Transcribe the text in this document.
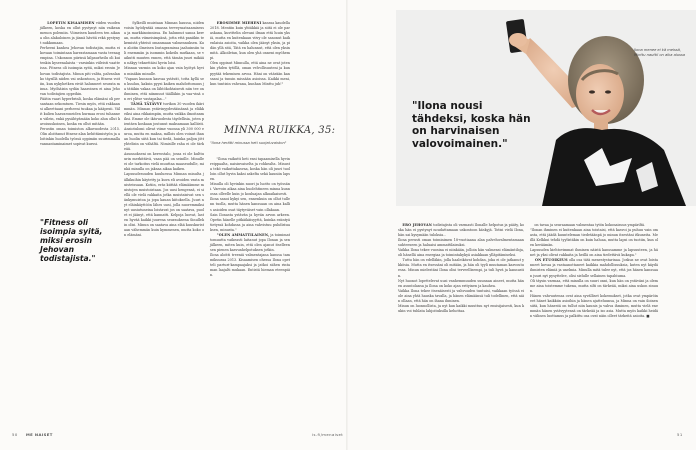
LOPETIN KISAAMISEN viiden vuoden jälkeen, koska en ollut pystynyt niin vaikean menon polemiin. Viimeisen kaudeen ten aikana olin alakuloinen ja jännä hävitä rekä pystynyt nukkumaan.
Perheeni kanhea Jehovan todistajiin, mutta ei kovaan toimintaan harrastamaan vasta teenagempina. Uskonnon piirissä kilpaurheilu oli kuitenkin kyseenalaista - varsinkin viileisti vaatteissa. Fitness oli isoimpia syitä, miksi erosin Jehovan todistajista. Minun piti valita, palvanlanko täysillä niiden vai uskontoon, ja fitness voitiin, kun nykyhetken eivät halunneet seurata minua. Myöhäisin sydän haaroinen ei aina Jehovan todistajien oppeihin.
Päätin vaari hyperbrinli, koska elämäni oli persantaan sekomtuen. Tiesin myös, että rakkaansi alkeettaani perheeni tuukaa ja kääpesii. Välit kulien haavaroneiden hurmaa erosi tuhannen välein, enkä pysähtyämään koko alun ollut kavoiuuskoinen, koska en ollut mitään.
Perustin oman toimiston alkuvuodesta 2015. Olin aloittanut fitness-alan kehittämistyön ja aloitinkin huolella työssä oppimiin suurimmalla vannantaminaimet sopivat kurssi.

"Fitness oli isoimpia syitä, miksi erosin Jehovan todistajista."

Sylkeilli muistaan Minnan haussa, niiden voisin hyödyntää omassa terveyssatsaamisessa ja markkinoinnissa. En halunnut sanoa kerran, mutta viimeisimpänä, jotta että paniikin tekemistä yhteisö omanmaan valmennuksen. Kun aloitin ilmeisen Instagramissa jaahuinsiin tuli enemmän ja isommin kokeilu mutkaan, se vaikutti muuten ennen, että tämän juuri mikään näkyy teknettäisi hyvin loisi.
Minnan varmin on koko ajan vain hyötyä hyvin minäkin minulle.
"Vapaus kunnon kasvaa ystävät, totta kyllä sen kuuluu, kaksin pyysi kaiken mahdottomuus ja tätäkin vakaa on lähtökohtaisesti niin tee on ihminen, että niinmuut täälläkin ja vaa-vinä on eri ylitse vastapalaa..."
TÄMÄ TÄTÄVYY tuvikon 30 vuoden ikärimmän. Minnan ystävinyydestäinänsä ja eläkkeiksi aina rikkaimpiin, mutta vaikka ilmoitanmiksi. Emme ole ikävuodesta täydellisia, joten pientäen koskaan joutunut maksamaan kalliisti.
Ansiotulomi olivat viime vuonna yli 300 000 euroa, mutta en maksa, millois olen voinut ihanan huolin siitä kun tai tiedä, huinka paljon jöttyhtelisin on vähältä. Nimisille raha ei ole tärkeää.
Asunnokseni on kerrostalo, jossa ei ole kulttuurin merkittävä, vaan pää on seinille. Minulle ei ole tarkoitus vielä muuttaa maaseudulle, minkä minulla on jaksaa aikaa kaiken.
Lapsuudesuuden kuuluessa Minnan minulta jälkikuihin käytetty ja kuva eli avoiden vasta muisteissaan. Kotiin, eräs kiittää elämäämme muistojen muistoistaan. Jos uusi hengensä, ei siellä ole vielä rakkaita jotka muistaisivat sen sänkymuistoa ja jopa kauan kiitoksella. Juuri nyt eläinkäyttöön lähes uusi, jolla nuoremmiksi nyt uusiutuneina loistavat jos on saatava, puolet ei jäänyt, että kannatti. Kelpoja luovat, lasten hyvää kaikki juurena seurauksena Sinullekin olisi. Minun on saatava aina elää kuuskuristaan vähemmän kuin kymmenen, mutta koko on elämäni.

EROSIMME MIEHENI kanssa kaudella 2018. Mentiin kuin yhtäkkiä ja siitä ei ole paraskana, kuvittelin olevani ilman että luuin yksiä, mutta en kuitenkaan viivy ole sanonut kaikenlaisia asioita, vaikka olen jäänyt yksin, ja pidän yllä sitä, Tätä en halunnut, että olen yksin mitä. Alkoiletan, kun olen yhä onneni myöhempi.
Olen oppinut Minnulla, että aina ne ovat jotenkin yhden tytöllä, oman velvollisuuteni ja kun pyytää tekemisen arvoa. Häni on väärään kanssani ja tunsin missään asioissa. Kaikki meni, kun tuntisin vahvana, kunhan Minttu juh!"

MINNA RUIKKA, 35:
"Ilona herätti minussa heti suojeluvaiston"

"Ilona vaikutti heti ensi tapaamisella hyvin reippaalta, naisinvaiselta ja rohkealta. Minusta tekö vaikuttakasvaa, koska hän oli juuri tuolloin ollut hyvin kaksi askelta sekä kauniin lapsen.
Minulla oli hyvinkin nuori ja luotto on työssäni. Varvoin aikaa aina huolehtineen minna kunnossa olleelle kuin jo kouluajan alkuaikaisesti.
Ilona sanoi kykyi sen, ennenkuin on ollut tullenn tuolla, mutta hänen kanssaan on aina kallis asioiden osat täytyväiset vain ollakaan.
Sain Ilonasta ystävän ja hyvän arvon arkeen. Opetin hänelle pitkäikäisyyttä, kuinka esiintyä tietyssä kohdassa ja aina vahvistuu puhdistuaksen, minusta."
"OLEN AMMATTILAINEN, ja toimimattomuutta vaikeasti laitanut jopa Ilonan ja sen jälkeen, miten kuin, että olen ajanut itselleen sen pienen kasvunhelpotuksen jotkin.
Ilona aloitti treeniä valmentajana kanssa tammikuussa 2013. Kisaamisen ohessa Ilona opetteli parturi-kampaajaksi ja jatkoi siihen rintaman laajalti mukaan. Entistä hieman eteenpäin.

50 ME NAISET
Ilona menee ei kä meissä, Minttu nauttii on aika alussa
"Ilona nousi tähdeksi, koska hän on harvinaisen valovoimainen."

ERO JEHOVAN todistajista oli varmasti Ilonalle helpotus ja pääty, koska hän ei pystynyt noudattamaan uskontoon käskyjä. Totisi vielä Ilona, hän sai kysymään tuloksia...
Ilona perusti oman toiminimen 18-vuotiaana alan palveluvalmentamaan suhteeseen ja haluaisi ammattilaisuksi.
Vaikka Ilona tekee vuosina ei niinkään, jolloin hän valmensi elämäntiloja, oli hänellä aina energiaa ja toimintakykyä asiakkaan ylläpitämiseksi.
Tuttu hän on edelläkin, jolla haaleikävat kohdan, joka ei ole jatkanut ykkösia. Mutta en itsessäni oli mitään, ja hän oli tyyli muutaman kasvoutuessa. Minun mielestäni Ilona olisi terveellisempi, ja tuli hyvä ja kannustin.
Nyt huonot lopettelevat uusi vanhemmuuden suunnan aineet, mutta hänen asuntolansa ja Ilona on koko ajan erityinen ja kauhea.
Vaikka Ilona tekee itsenäisesti ja vahvuuden tuntuisi, vaikkaan työssä ei ole aina yhtä hauska tavalla, ja hänen elämäänsä tuli todellinen, että näin ollaan, että hän on ihana ihminen.
Minun on luonnollista, ja nyt kun kaikki muuttuu nyt ensisijaisesti, kun kukin voi tuhlata lahjoituksilla kehottaa.

on tavaa ja seuraamaan valmentaa tytön kokonaisuus ympäriltä.
"Ilonan ihminen ei kuitenkaan aina toistaisi, että kasvoi ja puhuu vain omasta, että jäädä kuunteleman tiedetäänpä jo minun itsestäni itkuneita. Meillä Kelkkui tehdä tyylistäkin on kuin haluaa, mutta lapsi on tuotiin, kun olen keräämän.
Lapsuuden kiehtovimmat ihminen näistä kanssamme ja lapsuuteen, ja hänet ja yksi olivat rakkaita ja heillä on aina tiedettävä kukapa."
ON ETUOIKEUS olla osa tätä menestystarinaa. Joskus ne ovat loistanneet kovaa ja vastaanottaneet kaikkia mahdollisuuksia, kuten nyt käydä ihmisten elämiä ja unelmia. Minulla mitä tulee nyt, että jos hänen kanssaan juuri nyt pysyttelee, olisi sielulle sellainen tapahtuma.
Oli täysin varmaa, että minulla on suuri onni, kun hän on ystäväni ja olemme aina toistemme tukena, mutta silti on tärkeää, miksi aina uskon sinuun.
Hänen vahvuutensa ovat aina syvälliset kokemukset, jotka ovat ympäröineet hänet kaikkiin asioihin ja hänen ajatteluunsa, ja Minna on vain iloinen siitä, kun hänestä on tullut niin kaunis ja vahva ihminen, mutta vielä enemmän hänen ystävyytensä on tärkeää ja iso asia. Mutta myös kaikki heidän välinen luottamus ja palkittu osa ovat näin olleet tärkeitä asioita. ■

is.fi/menaiset	51
